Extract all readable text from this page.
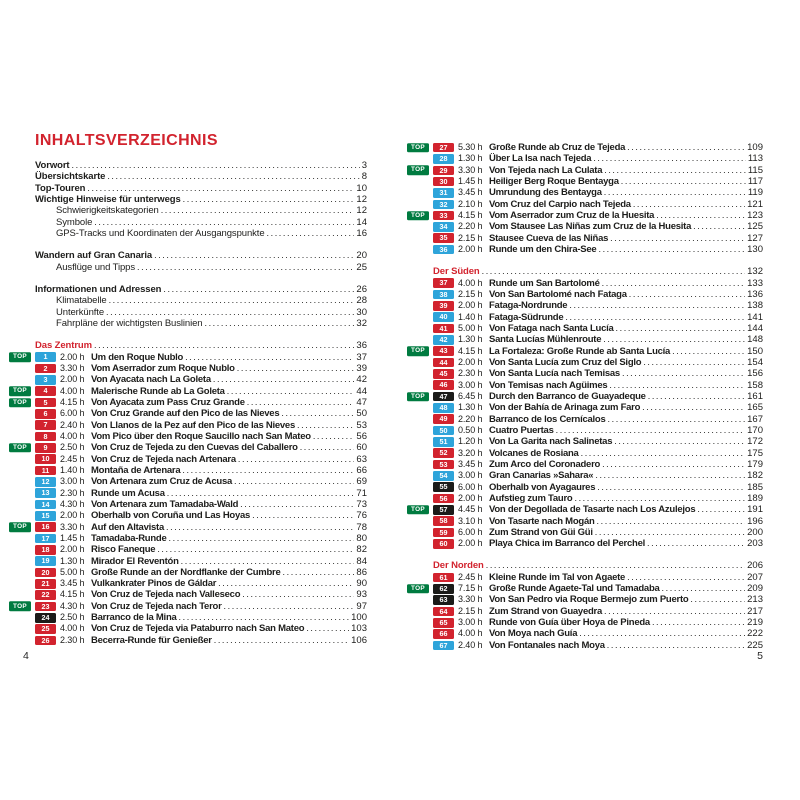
INHALTSVERZEICHNIS
Vorwort .....	3
Übersichtskarte .....	8
Top-Touren .....	10
Wichtige Hinweise für unterwegs .....	12
Schwierigkeitskategorien .....	12
Symbole .....	14
GPS-Tracks und Koordinaten der Ausgangspunkte .....	16
Wandern auf Gran Canaria .....	20
Ausflüge und Tipps .....	25
Informationen und Adressen .....	26
Klimatabelle .....	28
Unterkünfte .....	30
Fahrpläne der wichtigsten Buslinien .....	32
Das Zentrum .....	36
TOP	1	2.00 h Um den Roque Nublo .....	37
2	3.30 h Vom Aserrador zum Roque Nublo .....	39
3	2.00 h Von Ayacata nach La Goleta .....	42
TOP	4	4.00 h Malerische Runde ab La Goleta .....	44
TOP	5	4.15 h Von Ayacata zum Pass Cruz Grande .....	47
6	6.00 h Von Cruz Grande auf den Pico de las Nieves .....	50
7	2.40 h Von Llanos de la Pez auf den Pico de las Nieves .....	53
8	4.00 h Vom Pico über den Roque Saucillo nach San Mateo .....	56
TOP	9	2.50 h Von Cruz de Tejeda zu den Cuevas del Caballero .....	60
10	2.45 h Von Cruz de Tejeda nach Artenara .....	63
11	1.40 h Montaña de Artenara .....	66
12	3.00 h Von Artenara zum Cruz de Acusa .....	69
13	2.30 h Runde um Acusa .....	71
14	4.30 h Von Artenara zum Tamadaba-Wald .....	73
15	2.00 h Oberhalb von Coruña und Las Hoyas .....	76
TOP	16	3.30 h Auf den Altavista .....	78
17	1.45 h Tamadaba-Runde .....	80
18	2.00 h Risco Faneque .....	82
19	1.30 h Mirador El Reventón .....	84
20	5.00 h Große Runde an der Nordflanke der Cumbre .....	86
21	3.45 h Vulkankrater Pinos de Gáldar .....	90
22	4.15 h Von Cruz de Tejeda nach Valleseco .....	93
TOP	23	4.30 h Von Cruz de Tejeda nach Teror .....	97
24	2.50 h Barranco de la Mina .....	100
25	4.00 h Von Cruz de Tejeda via Pataburro nach San Mateo .....	103
26	2.30 h Becerra-Runde für Genießer .....	106
4
TOP	27	5.30 h Große Runde ab Cruz de Tejeda .....	109
28	1.30 h Über La Isa nach Tejeda .....	113
TOP	29	3.30 h Von Tejeda nach La Culata .....	115
30	1.45 h Heiliger Berg Roque Bentayga .....	117
31	3.45 h Umrundung des Bentayga .....	119
32	2.10 h Vom Cruz del Carpio nach Tejeda .....	121
TOP	33	4.15 h Vom Aserrador zum Cruz de la Huesita .....	123
34	2.20 h Vom Stausee Las Niñas zum Cruz de la Huesita .....	125
35	2.15 h Stausee Cueva de las Niñas .....	127
36	2.00 h Runde um den Chira-See .....	130
Der Süden .....	132
37	4.00 h Runde um San Bartolomé .....	133
38	2.15 h Von San Bartolomé nach Fataga .....	136
39	2.00 h Fataga-Nordrunde .....	138
40	1.40 h Fataga-Südrunde .....	141
41	5.00 h Von Fataga nach Santa Lucía .....	144
42	1.30 h Santa Lucías Mühlenroute .....	148
TOP	43	4.15 h La Fortaleza: Große Runde ab Santa Lucía .....	150
44	2.00 h Von Santa Lucía zum Cruz del Siglo .....	154
45	2.30 h Von Santa Lucía nach Temisas .....	156
46	3.00 h Von Temisas nach Agüimes .....	158
TOP	47	6.45 h Durch den Barranco de Guayadeque .....	161
48	1.30 h Von der Bahía de Arinaga zum Faro .....	165
49	2.20 h Barranco de los Cernícalos .....	167
50	0.50 h Cuatro Puertas .....	170
51	1.20 h Von La Garita nach Salinetas .....	172
52	3.20 h Volcanes de Rosiana .....	175
53	3.45 h Zum Arco del Coronadero .....	179
54	3.00 h Gran Canarias »Sahara« .....	182
55	6.00 h Oberhalb von Ayagaures .....	185
56	2.00 h Aufstieg zum Tauro .....	189
TOP	57	4.45 h Von der Degollada de Tasarte nach Los Azulejos .....	191
58	3.10 h Von Tasarte nach Mogán .....	196
59	6.00 h Zum Strand von Güi Güi .....	200
60	2.00 h Playa Chica im Barranco del Perchel .....	203
Der Norden .....	206
61	2.45 h Kleine Runde im Tal von Agaete .....	207
TOP	62	7.15 h Große Runde Agaete-Tal und Tamadaba .....	209
63	3.30 h Von San Pedro via Roque Bermejo zum Puerto .....	213
64	2.15 h Zum Strand von Guayedra .....	217
65	3.00 h Runde von Guía über Hoya de Pineda .....	219
66	4.00 h Von Moya nach Guía .....	222
67	2.40 h Von Fontanales nach Moya .....	225
5
